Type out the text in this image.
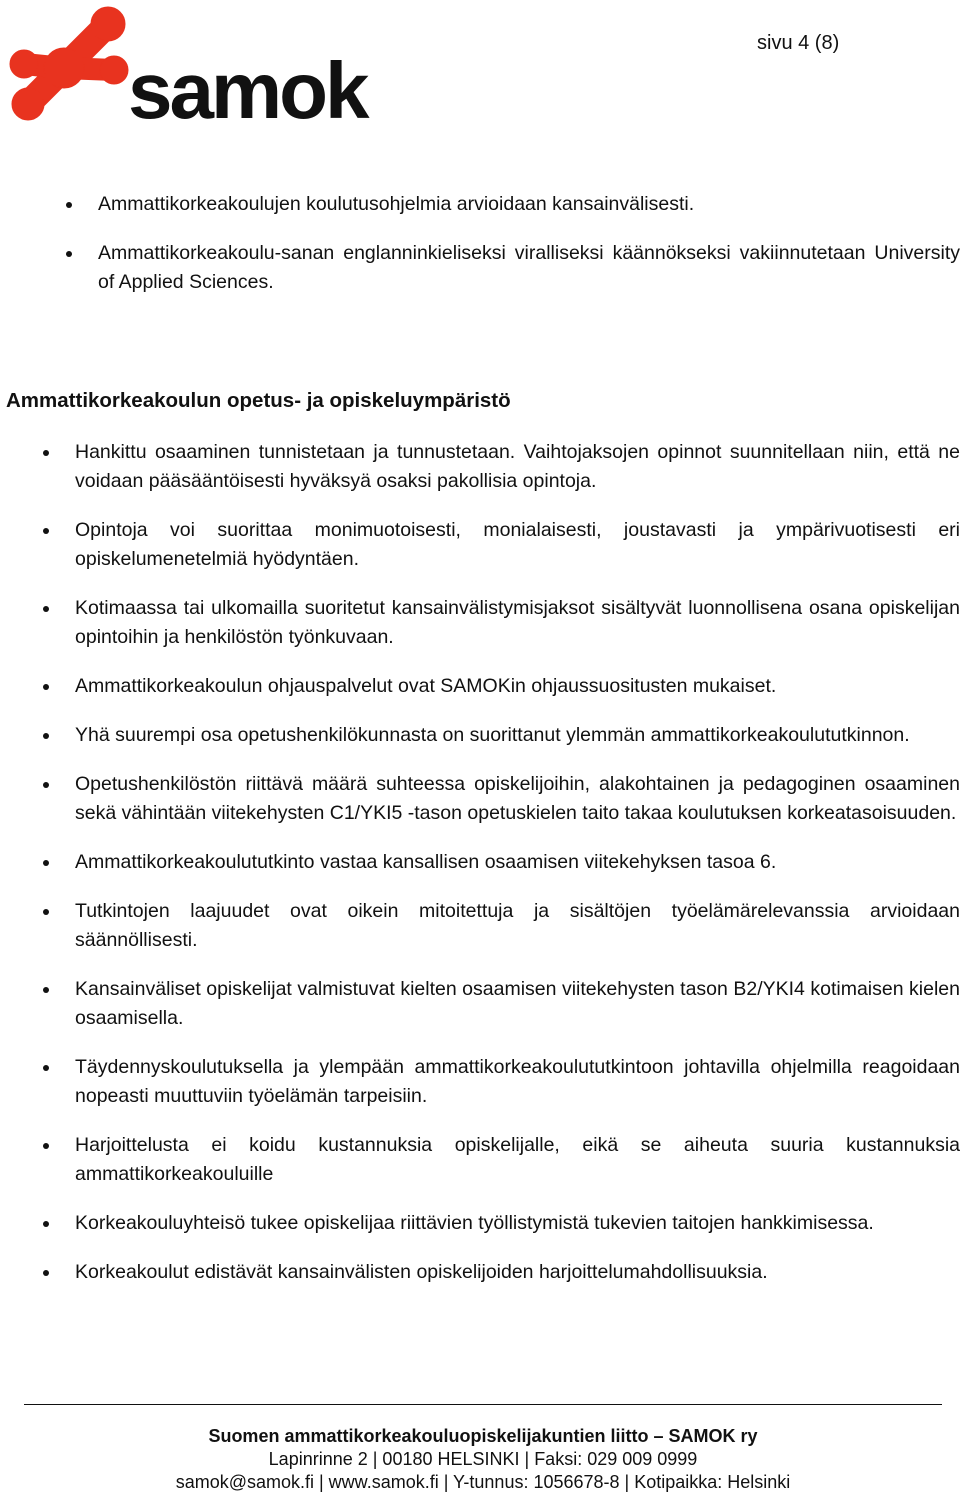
samok
sivu 4 (8)
Ammattikorkeakoulujen koulutusohjelmia arvioidaan kansainvälisesti.
Ammattikorkeakoulu-sanan englanninkieliseksi viralliseksi käännökseksi vakiinnutetaan University of Applied Sciences.
Ammattikorkeakoulun opetus- ja opiskeluympäristö
Hankittu osaaminen tunnistetaan ja tunnustetaan. Vaihtojaksojen opinnot suunnitellaan niin, että ne voidaan pääsääntöisesti hyväksyä osaksi pakollisia opintoja.
Opintoja voi suorittaa monimuotoisesti, monialaisesti, joustavasti ja ympärivuotisesti eri opiskelumenetelmiä hyödyntäen.
Kotimaassa tai ulkomailla suoritetut kansainvälistymisjaksot sisältyvät luonnollisena osana opiskelijan opintoihin ja henkilöstön työnkuvaan.
Ammattikorkeakoulun ohjauspalvelut ovat SAMOKin ohjaussuositusten mukaiset.
Yhä suurempi osa opetushenkilökunnasta on suorittanut ylemmän ammattikorkeakoulututkinnon.
Opetushenkilöstön riittävä määrä suhteessa opiskelijoihin, alakohtainen ja pedagoginen osaaminen sekä vähintään viitekehysten C1/YKI5 -tason opetuskielen taito takaa koulutuksen korkeatasoisuuden.
Ammattikorkeakoulututkinto vastaa kansallisen osaamisen viitekehyksen tasoa 6.
Tutkintojen laajuudet ovat oikein mitoitettuja ja sisältöjen työelämärelevanssia arvioidaan säännöllisesti.
Kansainväliset opiskelijat valmistuvat kielten osaamisen viitekehysten tason B2/YKI4 kotimaisen kielen osaamisella.
Täydennyskoulutuksella ja ylempään ammattikorkeakoulututkintoon johtavilla ohjelmilla reagoidaan nopeasti muuttuviin työelämän tarpeisiin.
Harjoittelusta ei koidu kustannuksia opiskelijalle, eikä se aiheuta suuria kustannuksia ammattikorkeakouluille
Korkeakouluyhteisö tukee opiskelijaa riittävien työllistymistä tukevien taitojen hankkimisessa.
Korkeakoulut edistävät kansainvälisten opiskelijoiden harjoittelumahdollisuuksia.
Suomen ammattikorkeakouluopiskelijakuntien liitto – SAMOK ry
Lapinrinne 2 | 00180 HELSINKI | Faksi: 029 009 0999
samok@samok.fi | www.samok.fi | Y-tunnus: 1056678-8 | Kotipaikka: Helsinki
